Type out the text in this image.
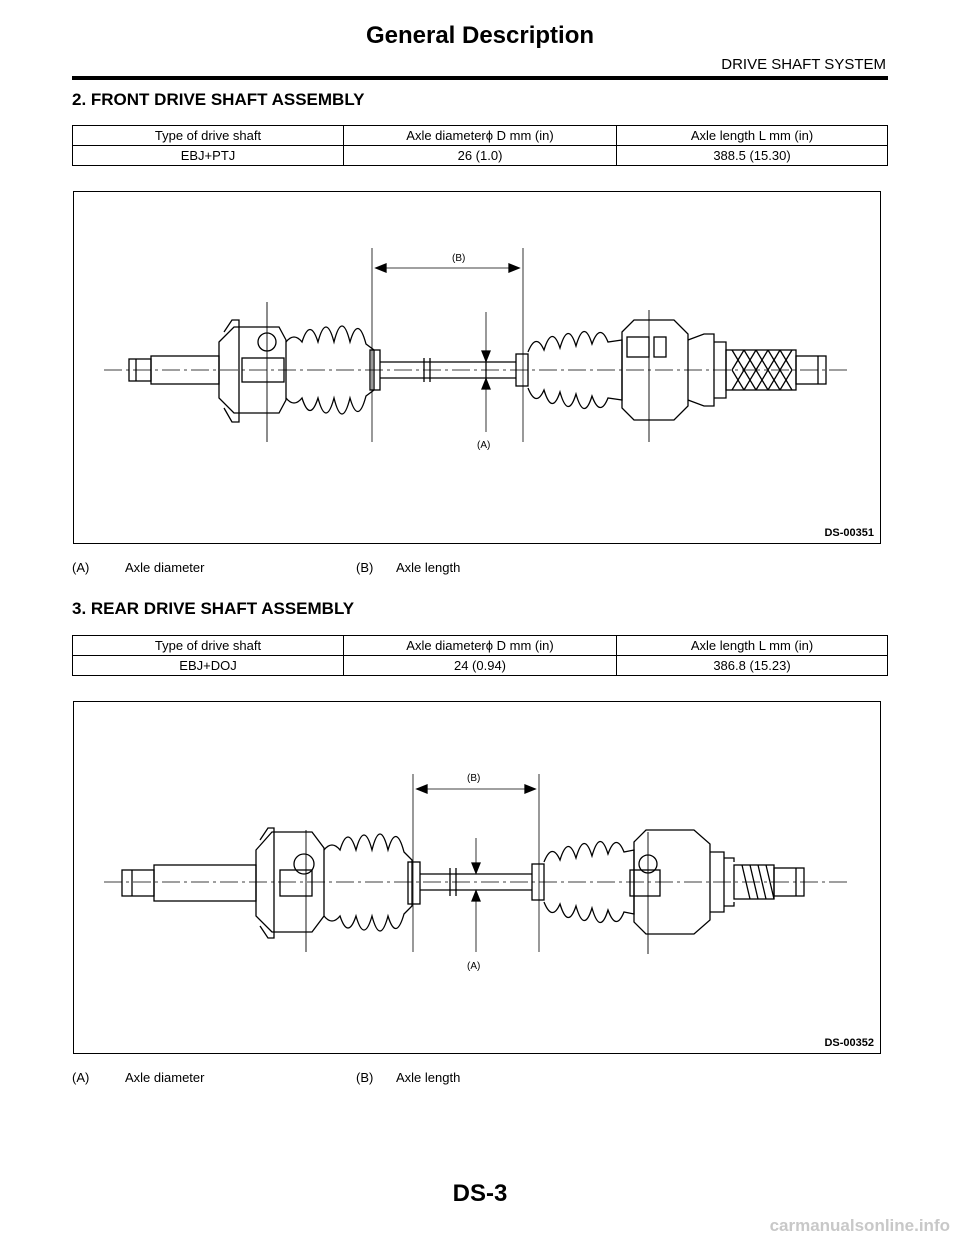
General Description
DRIVE SHAFT SYSTEM
2. FRONT DRIVE SHAFT ASSEMBLY
Type of drive shaft	Axle diameterϕ D mm (in)	Axle length L mm (in)
EBJ+PTJ	26 (1.0)	388.5 (15.30)
(B)
(A)
DS-00351
(A)	Axle diameter	(B) Axle length
3. REAR DRIVE SHAFT ASSEMBLY
Type of drive shaft	Axle diameterϕ D mm (in)	Axle length L mm (in)
EBJ+DOJ	24 (0.94)	386.8 (15.23)
(B)
(A)
DS-00352
(A)	Axle diameter	(B) Axle length
DS-3
carmanualsonline.info
